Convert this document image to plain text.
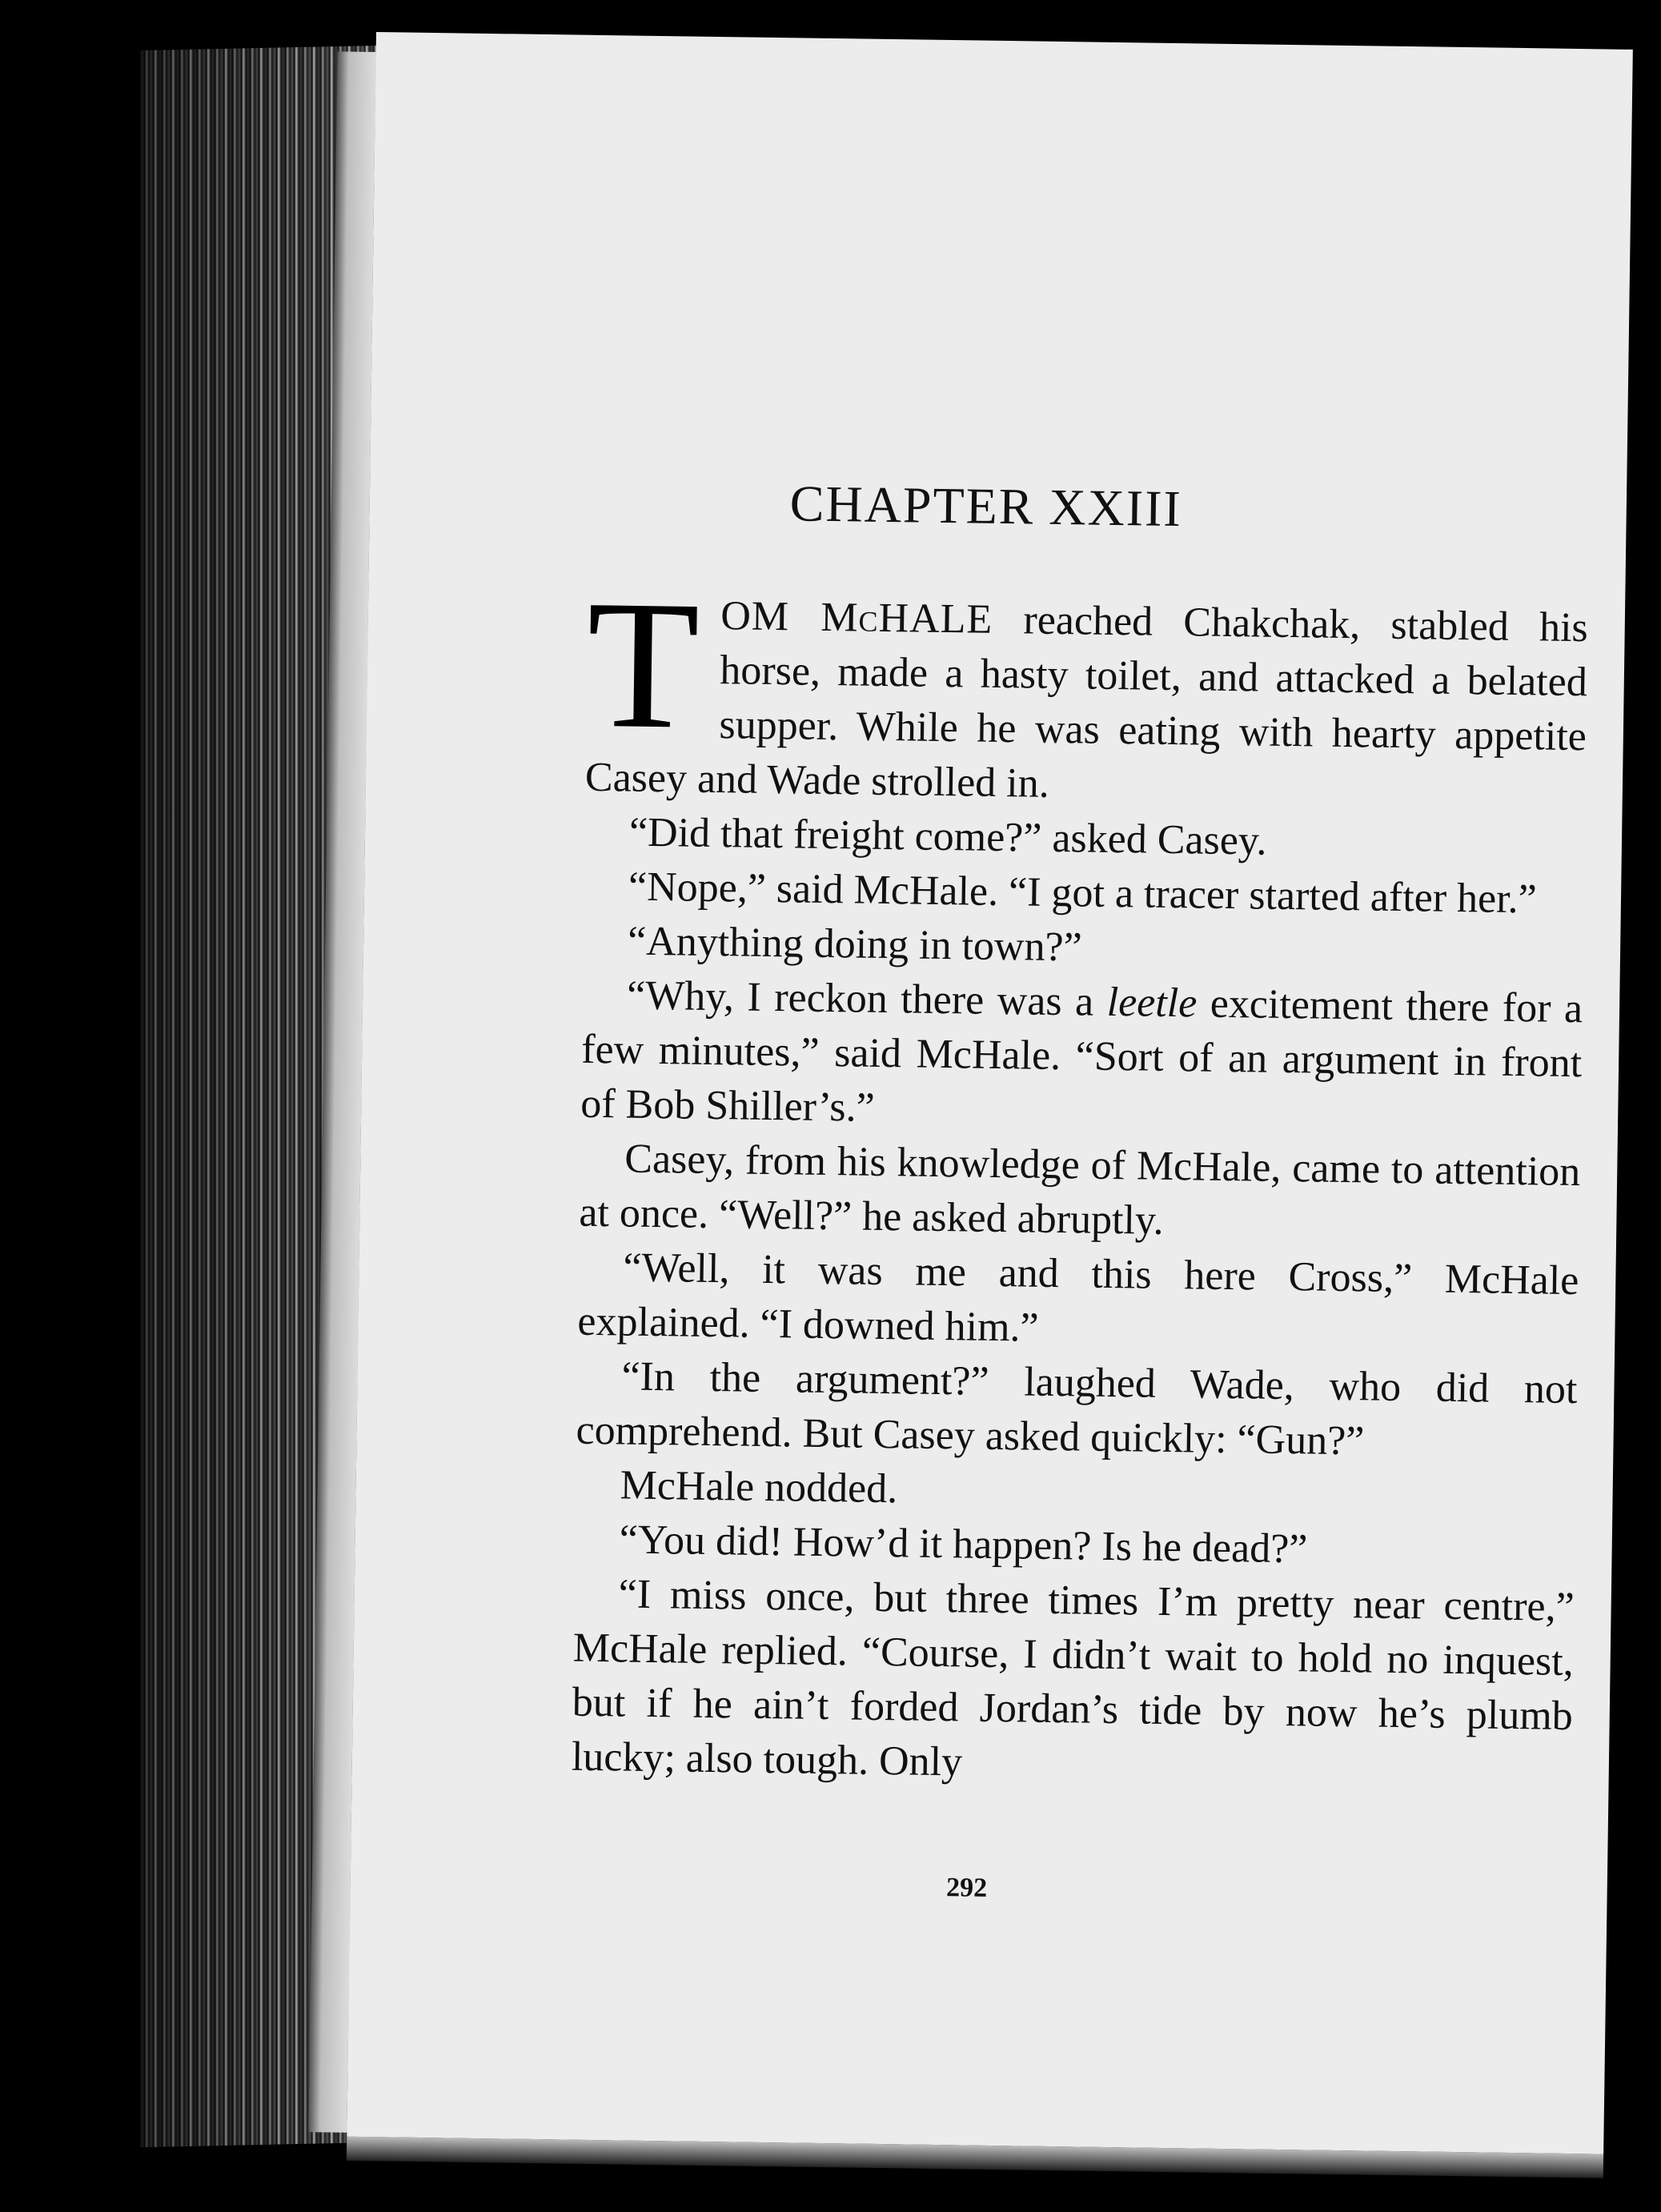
CHAPTER XXIII

TOM McHALE reached Chakchak, stabled his horse, made a hasty toilet, and attacked a belated supper. While he was eating with hearty appetite Casey and Wade strolled in.

“Did that freight come?” asked Casey.

“Nope,” said McHale. “I got a tracer started after her.”

“Anything doing in town?”

“Why, I reckon there was a leetle excitement there for a few minutes,” said McHale. “Sort of an argument in front of Bob Shiller’s.”

Casey, from his knowledge of McHale, came to attention at once. “Well?” he asked abruptly.

“Well, it was me and this here Cross,” McHale explained. “I downed him.”

“In the argument?” laughed Wade, who did not comprehend. But Casey asked quickly: “Gun?”

McHale nodded.

“You did! How’d it happen? Is he dead?”

“I miss once, but three times I’m pretty near centre,” McHale replied. “Course, I didn’t wait to hold no inquest, but if he ain’t forded Jordan’s tide by now he’s plumb lucky; also tough. Only

292
